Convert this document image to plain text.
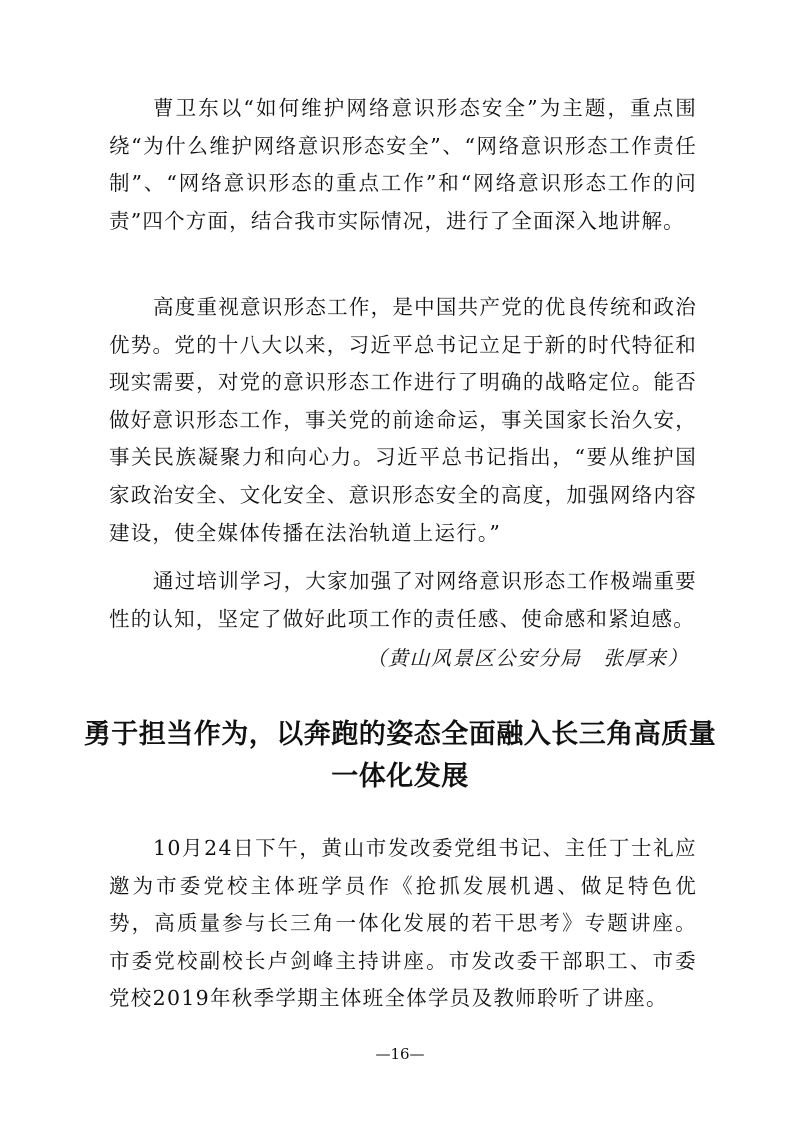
曹卫东以“如何维护网络意识形态安全”为主题，重点围绕“为什么维护网络意识形态安全”、“网络意识形态工作责任制”、“网络意识形态的重点工作”和“网络意识形态工作的问责”四个方面，结合我市实际情况，进行了全面深入地讲解。

高度重视意识形态工作，是中国共产党的优良传统和政治优势。党的十八大以来，习近平总书记立足于新的时代特征和现实需要，对党的意识形态工作进行了明确的战略定位。能否做好意识形态工作，事关党的前途命运，事关国家长治久安，事关民族凝聚力和向心力。习近平总书记指出，“要从维护国家政治安全、文化安全、意识形态安全的高度，加强网络内容建设，使全媒体传播在法治轨道上运行。”

通过培训学习，大家加强了对网络意识形态工作极端重要性的认知，坚定了做好此项工作的责任感、使命感和紧迫感。

（黄山风景区公安分局　张厚来）

勇于担当作为，以奔跑的姿态全面融入长三角高质量
一体化发展

10月24日下午，黄山市发改委党组书记、主任丁士礼应邀为市委党校主体班学员作《抢抓发展机遇、做足特色优势，高质量参与长三角一体化发展的若干思考》专题讲座。市委党校副校长卢剑峰主持讲座。市发改委干部职工、市委党校2019年秋季学期主体班全体学员及教师聆听了讲座。

—16—
